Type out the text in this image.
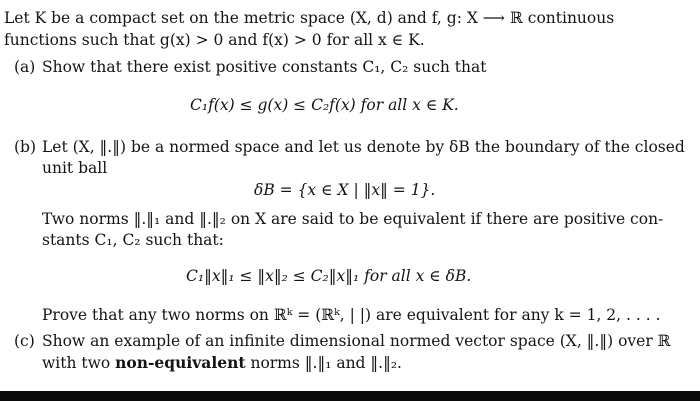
Let K be a compact set on the metric space (X, d) and f, g: X ⟶ ℝ continuous
functions such that g(x) > 0 and f(x) > 0 for all x ∈ K.
(a) Show that there exist positive constants C₁, C₂ such that
C₁f(x) ≤ g(x) ≤ C₂f(x) for all x ∈ K.
(b) Let (X, ‖.‖) be a normed space and let us denote by δB the boundary of the closed
unit ball
δB = {x ∈ X | ‖x‖ = 1}.
Two norms ‖.‖₁ and ‖.‖₂ on X are said to be equivalent if there are positive con-
stants C₁, C₂ such that:
C₁‖x‖₁ ≤ ‖x‖₂ ≤ C₂‖x‖₁ for all x ∈ δB.
Prove that any two norms on ℝᵏ = (ℝᵏ, | |) are equivalent for any k = 1, 2, . . . .
(c) Show an example of an infinite dimensional normed vector space (X, ‖.‖) over ℝ
with two non-equivalent norms ‖.‖₁ and ‖.‖₂.
